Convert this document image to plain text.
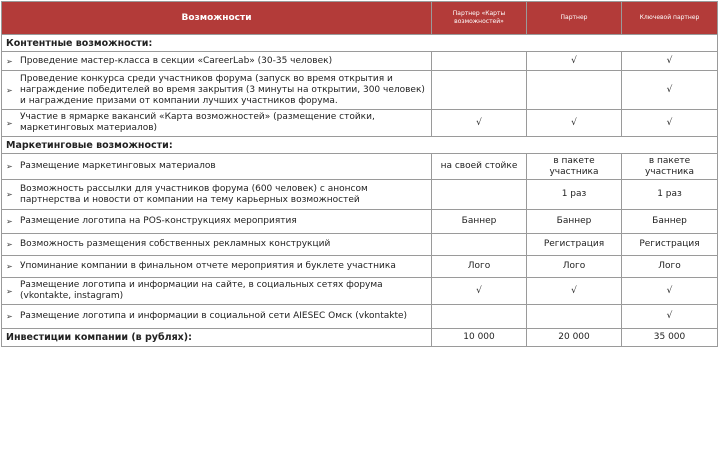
Возможности	Партнер «Карты возможностей»	Партнер	Ключевой партнер
Контентные возможности:			

➢ Проведение мастер-класса в секции «CareerLab» (30-35 человек)		√	√

➢
Проведение конкурса среди участников форума (запуск во время открытия и награждение победителей во время закрытия (3 минуты на открытии, 300 человек) и награждение призами от компании лучших участников форума.			√

➢
Участие в ярмарке вакансий «Карта возможностей» (размещение стойки, маркетинговых материалов)	√	√	√
Маркетинговые возможности:			

➢ Размещение маркетинговых материалов	на своей стойке	в пакете участника	в пакете участника

➢
Возможность рассылки для участников форума (600 человек) с анонсом партнерства и новости от компании на тему карьерных возможностей		1 раз	1 раз

➢ Размещение логотипа на POS-конструкциях мероприятия	Баннер	Баннер	Баннер

➢ Возможность размещения собственных рекламных конструкций		Регистрация	Регистрация

➢ Упоминание компании в финальном отчете мероприятия и буклете участника	Лого	Лого	Лого

➢
Размещение логотипа и информации на сайте, в социальных сетях форума (vkontakte, instagram)	√	√	√

➢ Размещение логотипа и информации в социальной сети AIESEC Омск (vkontakte)			√
Инвестиции компании (в рублях):	10 000	20 000	35 000
